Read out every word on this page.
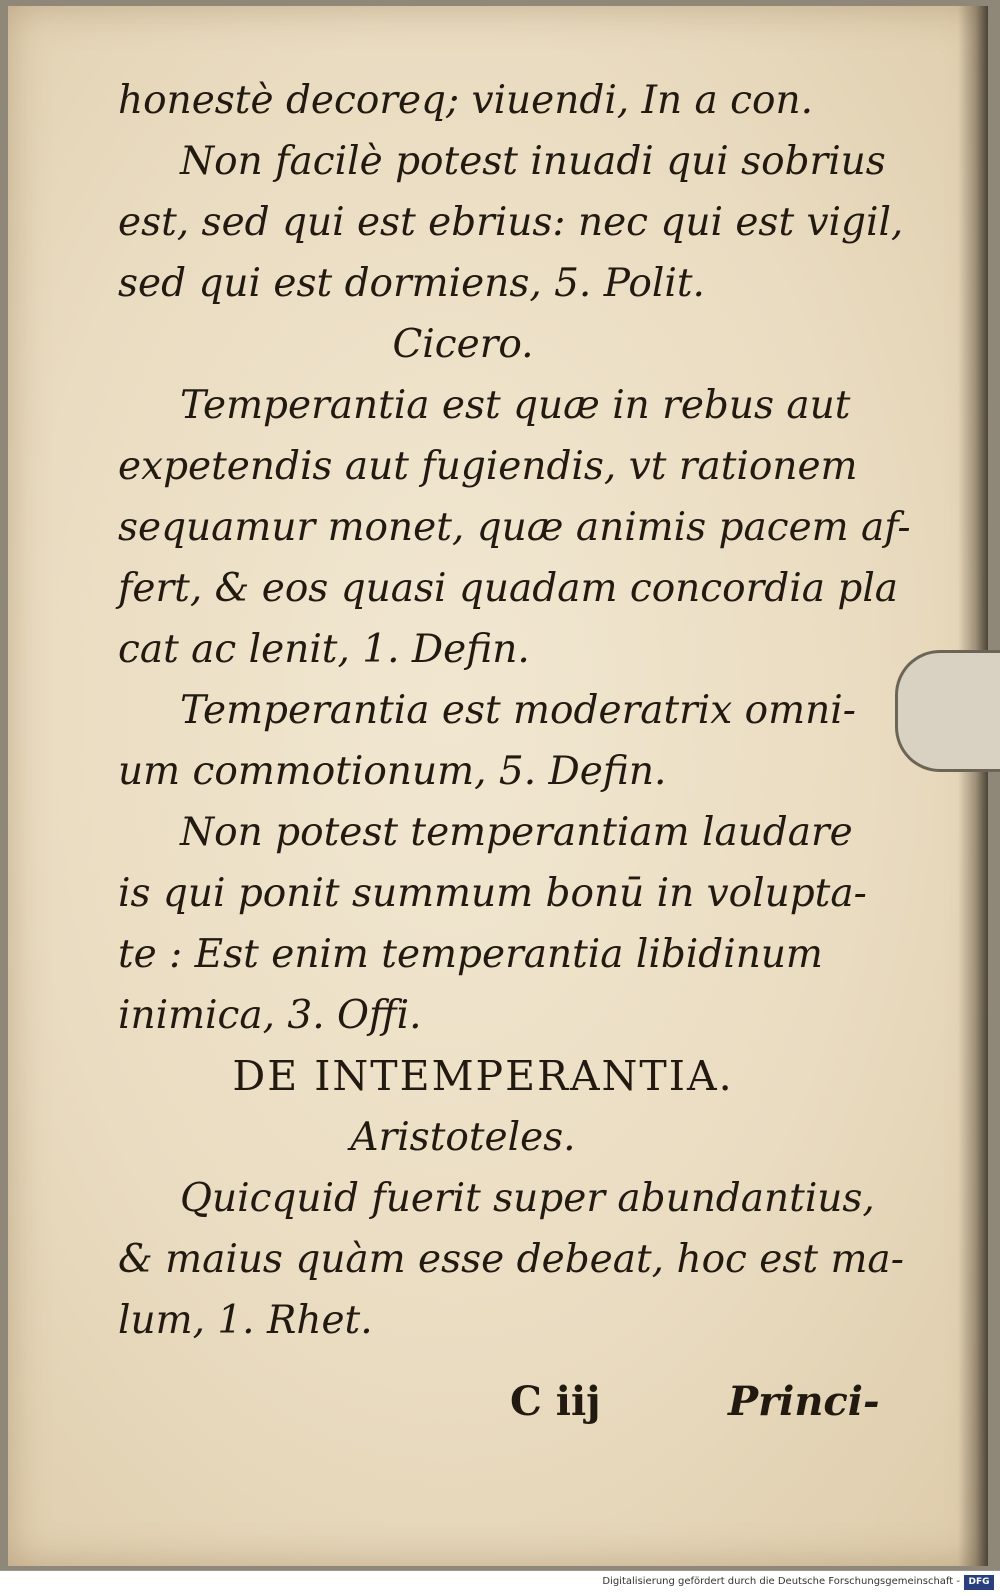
honestè decoreq; viuendi, In a con.
Non facilè potest inuadi qui sobrius
est, sed qui est ebrius: nec qui est vigil,
sed qui est dormiens, 5. Polit.
Cicero.
Temperantia est quæ in rebus aut
expetendis aut fugiendis, vt rationem
sequamur monet, quæ animis pacem af-
fert, & eos quasi quadam concordia pla
cat ac lenit, 1. Defin.
Temperantia est moderatrix omni-
um commotionum, 5. Defin.
Non potest temperantiam laudare
is qui ponit summum bonū in volupta-
te : Est enim temperantia libidinum
inimica, 3. Offi.
DE INTEMPERANTIA.
Aristoteles.
Quicquid fuerit super abundantius,
& maius quàm esse debeat, hoc est ma-
lum, 1. Rhet.
C iij	Princi-
Digitalisierung gefördert durch die Deutsche Forschungsgemeinschaft - DFG
